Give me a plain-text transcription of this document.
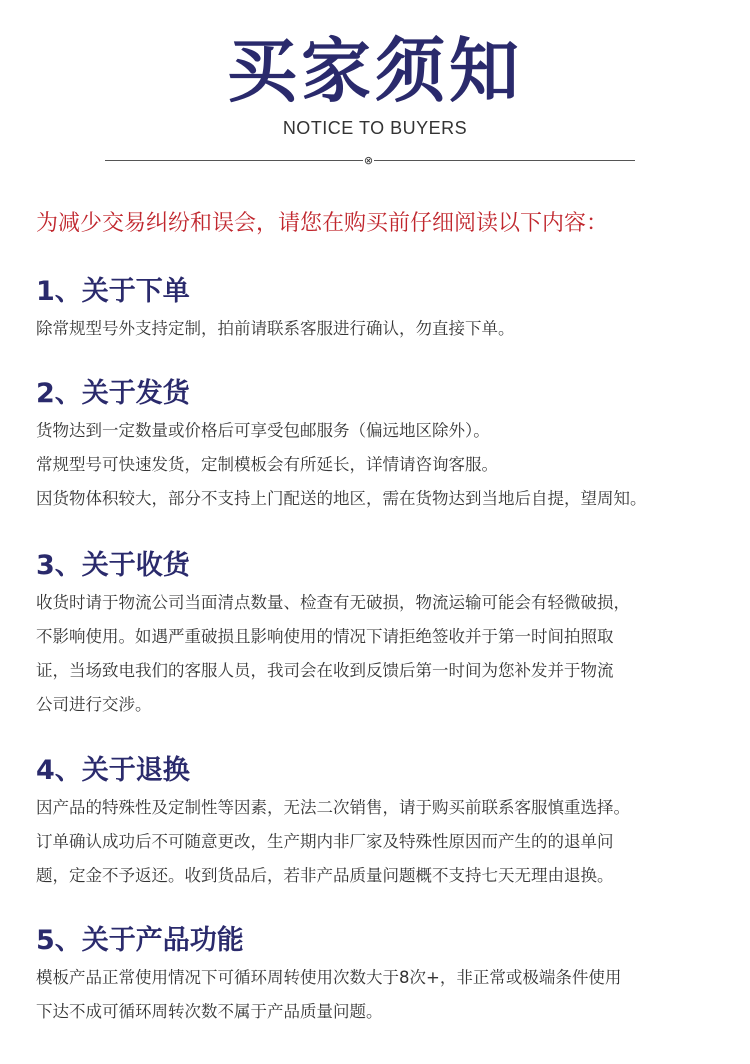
买家须知
NOTICE TO BUYERS
⊗
为减少交易纠纷和误会，请您在购买前仔细阅读以下内容：

1、关于下单

除常规型号外支持定制，拍前请联系客服进行确认，勿直接下单。

2、关于发货

货物达到一定数量或价格后可享受包邮服务（偏远地区除外）。

常规型号可快速发货，定制模板会有所延长，详情请咨询客服。

因货物体积较大，部分不支持上门配送的地区，需在货物达到当地后自提，望周知。

3、关于收货

收货时请于物流公司当面清点数量、检查有无破损，物流运输可能会有轻微破损，

不影响使用。如遇严重破损且影响使用的情况下请拒绝签收并于第一时间拍照取

证，当场致电我们的客服人员，我司会在收到反馈后第一时间为您补发并于物流

公司进行交涉。

4、关于退换

因产品的特殊性及定制性等因素，无法二次销售，请于购买前联系客服慎重选择。

订单确认成功后不可随意更改，生产期内非厂家及特殊性原因而产生的的退单问

题，定金不予返还。收到货品后，若非产品质量问题概不支持七天无理由退换。

5、关于产品功能

模板产品正常使用情况下可循环周转使用次数大于8次+，非正常或极端条件使用

下达不成可循环周转次数不属于产品质量问题。
